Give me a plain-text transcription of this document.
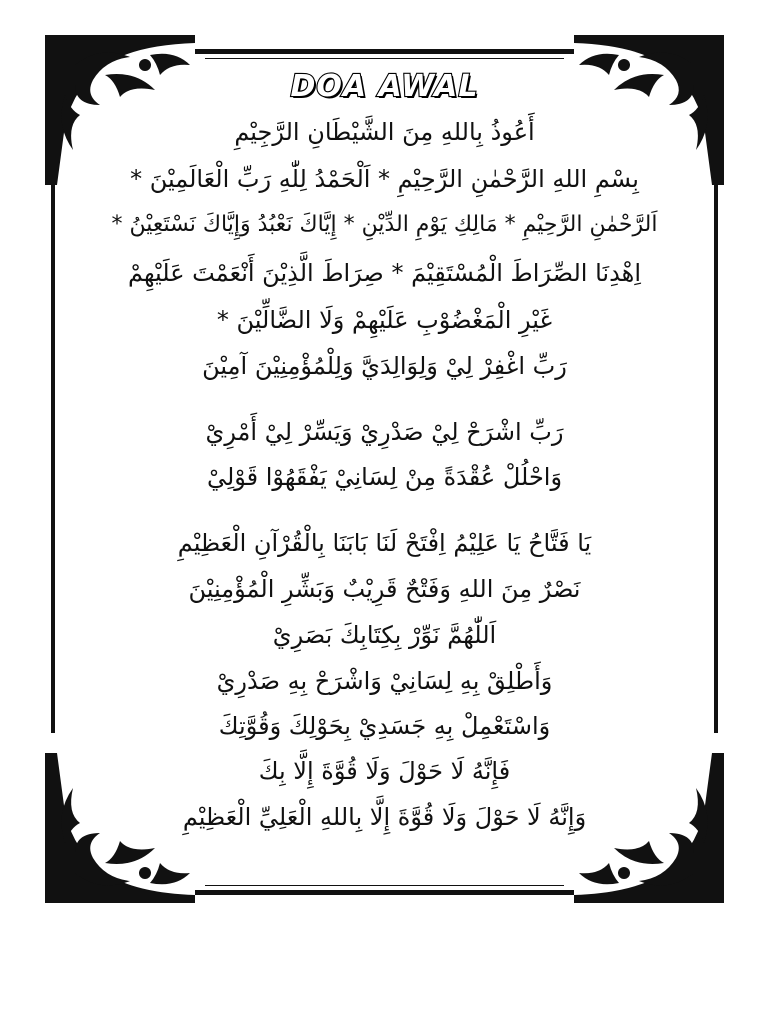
DOA AWAL
أَعُوذُ بِاللهِ مِنَ الشَّيْطَانِ الرَّجِيْمِ
بِسْمِ اللهِ الرَّحْمٰنِ الرَّحِيْمِ * اَلْحَمْدُ لِلّٰهِ رَبِّ الْعَالَمِيْنَ *
اَلرَّحْمٰنِ الرَّحِيْمِ * مَالِكِ يَوْمِ الدِّيْنِ * إِيَّاكَ نَعْبُدُ وَإِيَّاكَ نَسْتَعِيْنُ *
اِهْدِنَا الصِّرَاطَ الْمُسْتَقِيْمَ * صِرَاطَ الَّذِيْنَ أَنْعَمْتَ عَلَيْهِمْ
غَيْرِ الْمَغْضُوْبِ عَلَيْهِمْ وَلَا الضَّالِّيْنَ *
رَبِّ اغْفِرْ لِيْ وَلِوَالِدَيَّ وَلِلْمُؤْمِنِيْنَ آمِيْنَ
رَبِّ اشْرَحْ لِيْ صَدْرِيْ وَيَسِّرْ لِيْ أَمْرِيْ
وَاحْلُلْ عُقْدَةً مِنْ لِسَانِيْ يَفْقَهُوْا قَوْلِيْ
يَا فَتَّاحُ يَا عَلِيْمُ اِفْتَحْ لَنَا بَابَنَا بِالْقُرْآنِ الْعَظِيْمِ
نَصْرٌ مِنَ اللهِ وَفَتْحٌ قَرِيْبٌ وَبَشِّرِ الْمُؤْمِنِيْنَ
اَللّٰهُمَّ نَوِّرْ بِكِتَابِكَ بَصَرِيْ
وَأَطْلِقْ بِهِ لِسَانِيْ وَاشْرَحْ بِهِ صَدْرِيْ
وَاسْتَعْمِلْ بِهِ جَسَدِيْ بِحَوْلِكَ وَقُوَّتِكَ
فَإِنَّهُ لَا حَوْلَ وَلَا قُوَّةَ إِلَّا بِكَ
وَإِنَّهُ لَا حَوْلَ وَلَا قُوَّةَ إِلَّا بِاللهِ الْعَلِيِّ الْعَظِيْمِ
